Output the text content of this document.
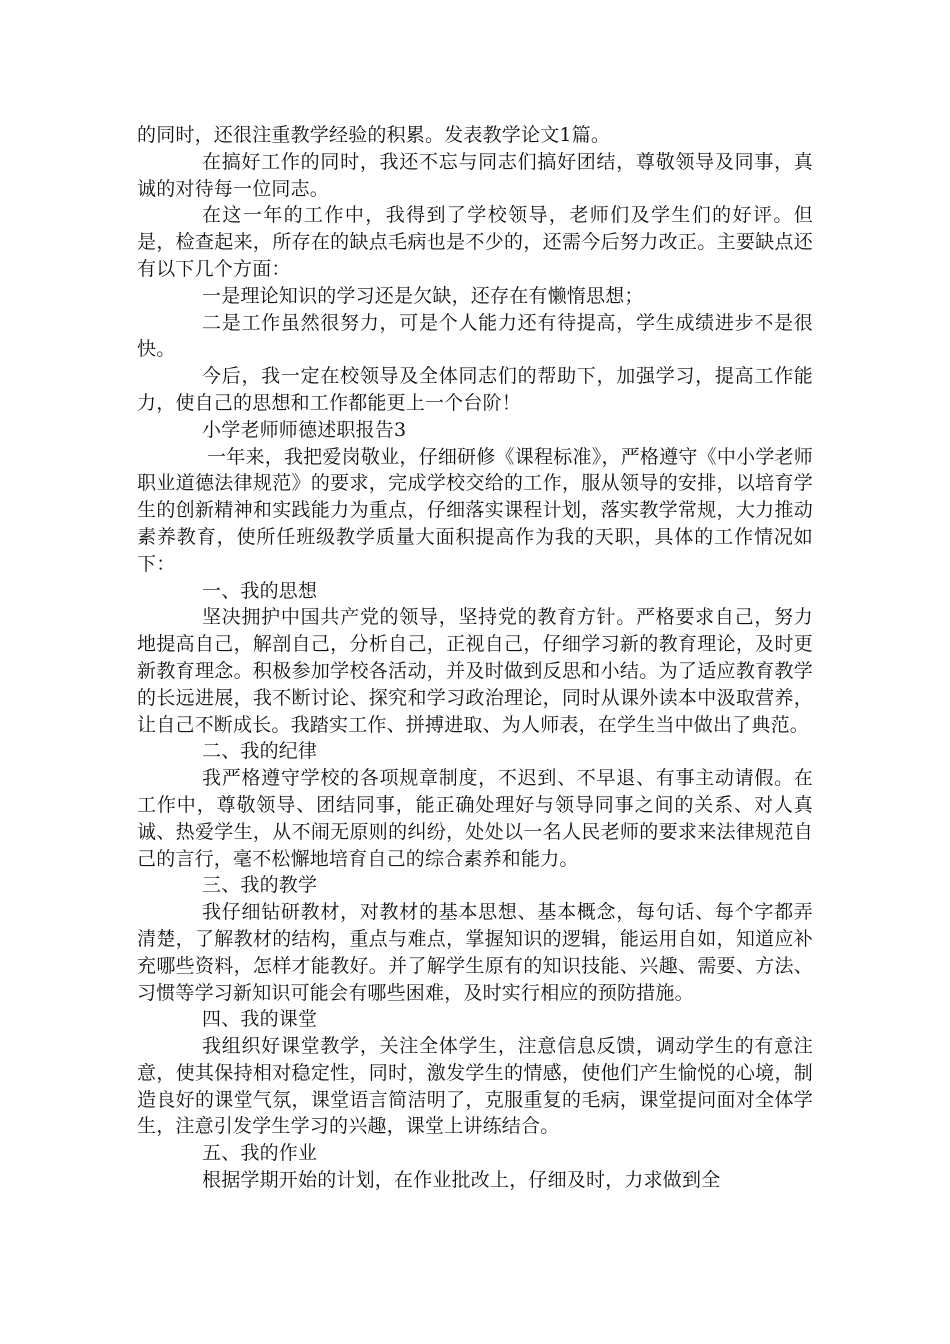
的同时，还很注重教学经验的积累。发表教学论文1篇。

在搞好工作的同时，我还不忘与同志们搞好团结，尊敬领导及同事，真诚的对待每一位同志。

在这一年的工作中，我得到了学校领导，老师们及学生们的好评。但是，检查起来，所存在的缺点毛病也是不少的，还需今后努力改正。主要缺点还有以下几个方面：

一是理论知识的学习还是欠缺，还存在有懒惰思想；

二是工作虽然很努力，可是个人能力还有待提高，学生成绩进步不是很快。

今后，我一定在校领导及全体同志们的帮助下，加强学习，提高工作能力，使自己的思想和工作都能更上一个台阶！

小学老师师德述职报告3

一年来，我把爱岗敬业，仔细研修《课程标准》，严格遵守《中小学老师职业道德法律规范》的要求，完成学校交给的工作，服从领导的安排，以培育学生的创新精神和实践能力为重点，仔细落实课程计划，落实教学常规，大力推动素养教育，使所任班级教学质量大面积提高作为我的天职，具体的工作情况如下：

一、我的思想

坚决拥护中国共产党的领导，坚持党的教育方针。严格要求自己，努力地提高自己，解剖自己，分析自己，正视自己，仔细学习新的教育理论，及时更新教育理念。积极参加学校各活动，并及时做到反思和小结。为了适应教育教学的长远进展，我不断讨论、探究和学习政治理论，同时从课外读本中汲取营养，让自己不断成长。我踏实工作、拼搏进取、为人师表，在学生当中做出了典范。

二、我的纪律

我严格遵守学校的各项规章制度，不迟到、不早退、有事主动请假。在工作中，尊敬领导、团结同事，能正确处理好与领导同事之间的关系、对人真诚、热爱学生，从不闹无原则的纠纷，处处以一名人民老师的要求来法律规范自己的言行，毫不松懈地培育自己的综合素养和能力。

三、我的教学

我仔细钻研教材，对教材的基本思想、基本概念，每句话、每个字都弄清楚，了解教材的结构，重点与难点，掌握知识的逻辑，能运用自如，知道应补充哪些资料，怎样才能教好。并了解学生原有的知识技能、兴趣、需要、方法、习惯等学习新知识可能会有哪些困难，及时实行相应的预防措施。

四、我的课堂

我组织好课堂教学，关注全体学生，注意信息反馈，调动学生的有意注意，使其保持相对稳定性，同时，激发学生的情感，使他们产生愉悦的心境，制造良好的课堂气氛，课堂语言简洁明了，克服重复的毛病，课堂提问面对全体学生，注意引发学生学习的兴趣，课堂上讲练结合。

五、我的作业

根据学期开始的计划，在作业批改上，仔细及时，力求做到全
